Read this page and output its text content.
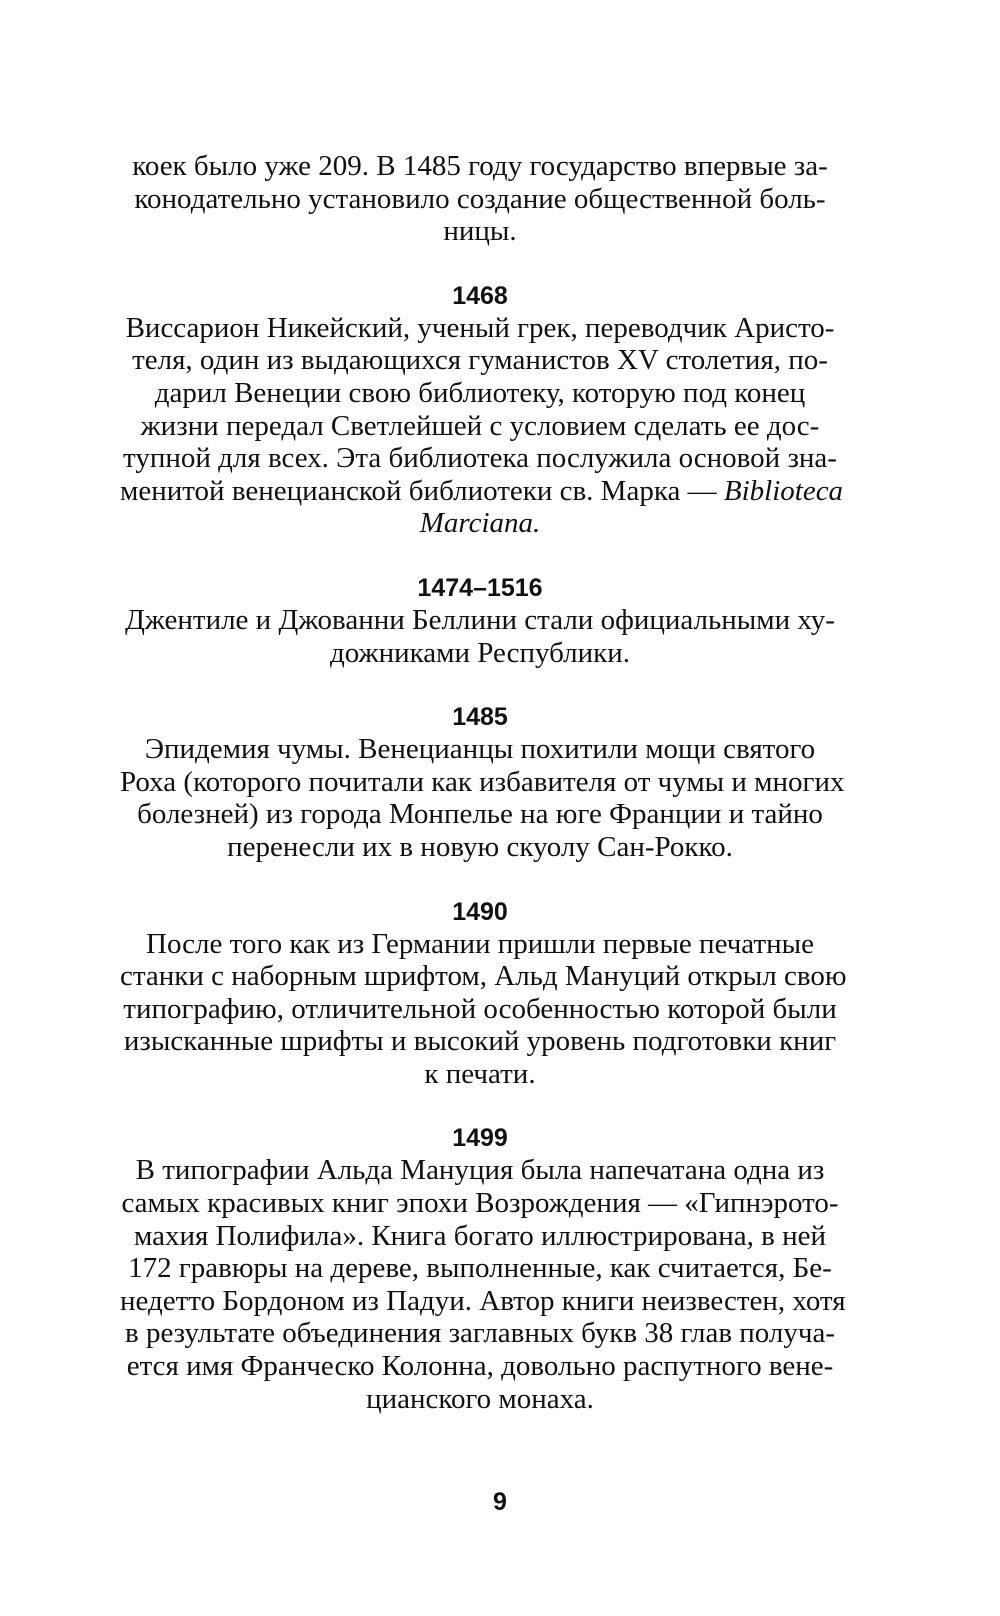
коек было уже 209. В 1485 году государство впервые за-

конодательно установило создание общественной боль-

ницы.

1468

Виссарион Никейский, ученый грек, переводчик Аристо-

теля, один из выдающихся гуманистов XV столетия, по-

дарил Венеции свою библиотеку, которую под конец

жизни передал Светлейшей с условием сделать ее дос-

тупной для всех. Эта библиотека послужила основой зна-

менитой венецианской библиотеки св. Марка — Biblioteca

Marciana.

1474–1516

Джентиле и Джованни Беллини стали официальными ху-

дожниками Республики.

1485

Эпидемия чумы. Венецианцы похитили мощи святого

Роха (которого почитали как избавителя от чумы и многих

болезней) из города Монпелье на юге Франции и тайно

перенесли их в новую скуолу Сан-Рокко.

1490

После того как из Германии пришли первые печатные

станки с наборным шрифтом, Альд Мануций открыл свою

типографию, отличительной особенностью которой были

изысканные шрифты и высокий уровень подготовки книг

к печати.

1499

В типографии Альда Мануция была напечатана одна из

самых красивых книг эпохи Возрождения — «Гипнэрото-

махия Полифила». Книга богато иллюстрирована, в ней

172 гравюры на дереве, выполненные, как считается, Бе-

недетто Бордоном из Падуи. Автор книги неизвестен, хотя

в результате объединения заглавных букв 38 глав получа-

ется имя Франческо Колонна, довольно распутного вене-

цианского монаха.

9
